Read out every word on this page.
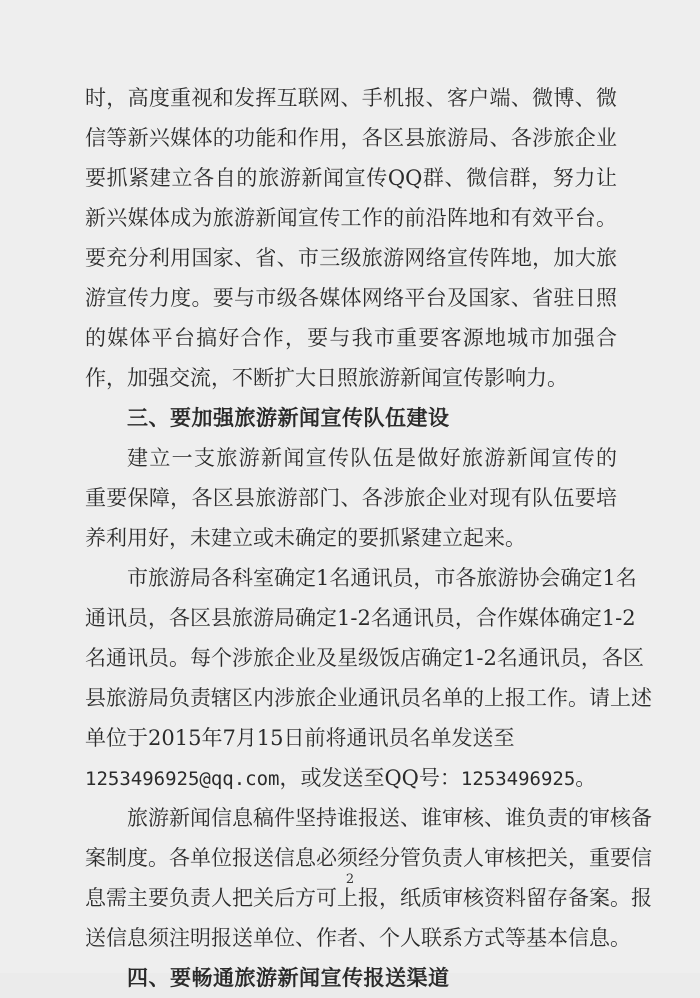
时，高度重视和发挥互联网、手机报、客户端、微博、微
信等新兴媒体的功能和作用，各区县旅游局、各涉旅企业
要抓紧建立各自的旅游新闻宣传QQ群、微信群，努力让
新兴媒体成为旅游新闻宣传工作的前沿阵地和有效平台。
要充分利用国家、省、市三级旅游网络宣传阵地，加大旅
游宣传力度。要与市级各媒体网络平台及国家、省驻日照
的媒体平台搞好合作，要与我市重要客源地城市加强合
作，加强交流，不断扩大日照旅游新闻宣传影响力。
三、要加强旅游新闻宣传队伍建设
建立一支旅游新闻宣传队伍是做好旅游新闻宣传的
重要保障，各区县旅游部门、各涉旅企业对现有队伍要培
养利用好，未建立或未确定的要抓紧建立起来。
市旅游局各科室确定1名通讯员，市各旅游协会确定1名
通讯员，各区县旅游局确定1-2名通讯员，合作媒体确定1-2
名通讯员。每个涉旅企业及星级饭店确定1-2名通讯员，各区
县旅游局负责辖区内涉旅企业通讯员名单的上报工作。请上述
单位于2015年7月15日前将通讯员名单发送至
1253496925@qq.com，或发送至QQ号：1253496925。
旅游新闻信息稿件坚持谁报送、谁审核、谁负责的审核备
案制度。各单位报送信息必须经分管负责人审核把关，重要信
息需主要负责人把关后方可上报，纸质审核资料留存备案。报
送信息须注明报送单位、作者、个人联系方式等基本信息。
四、要畅通旅游新闻宣传报送渠道
2
